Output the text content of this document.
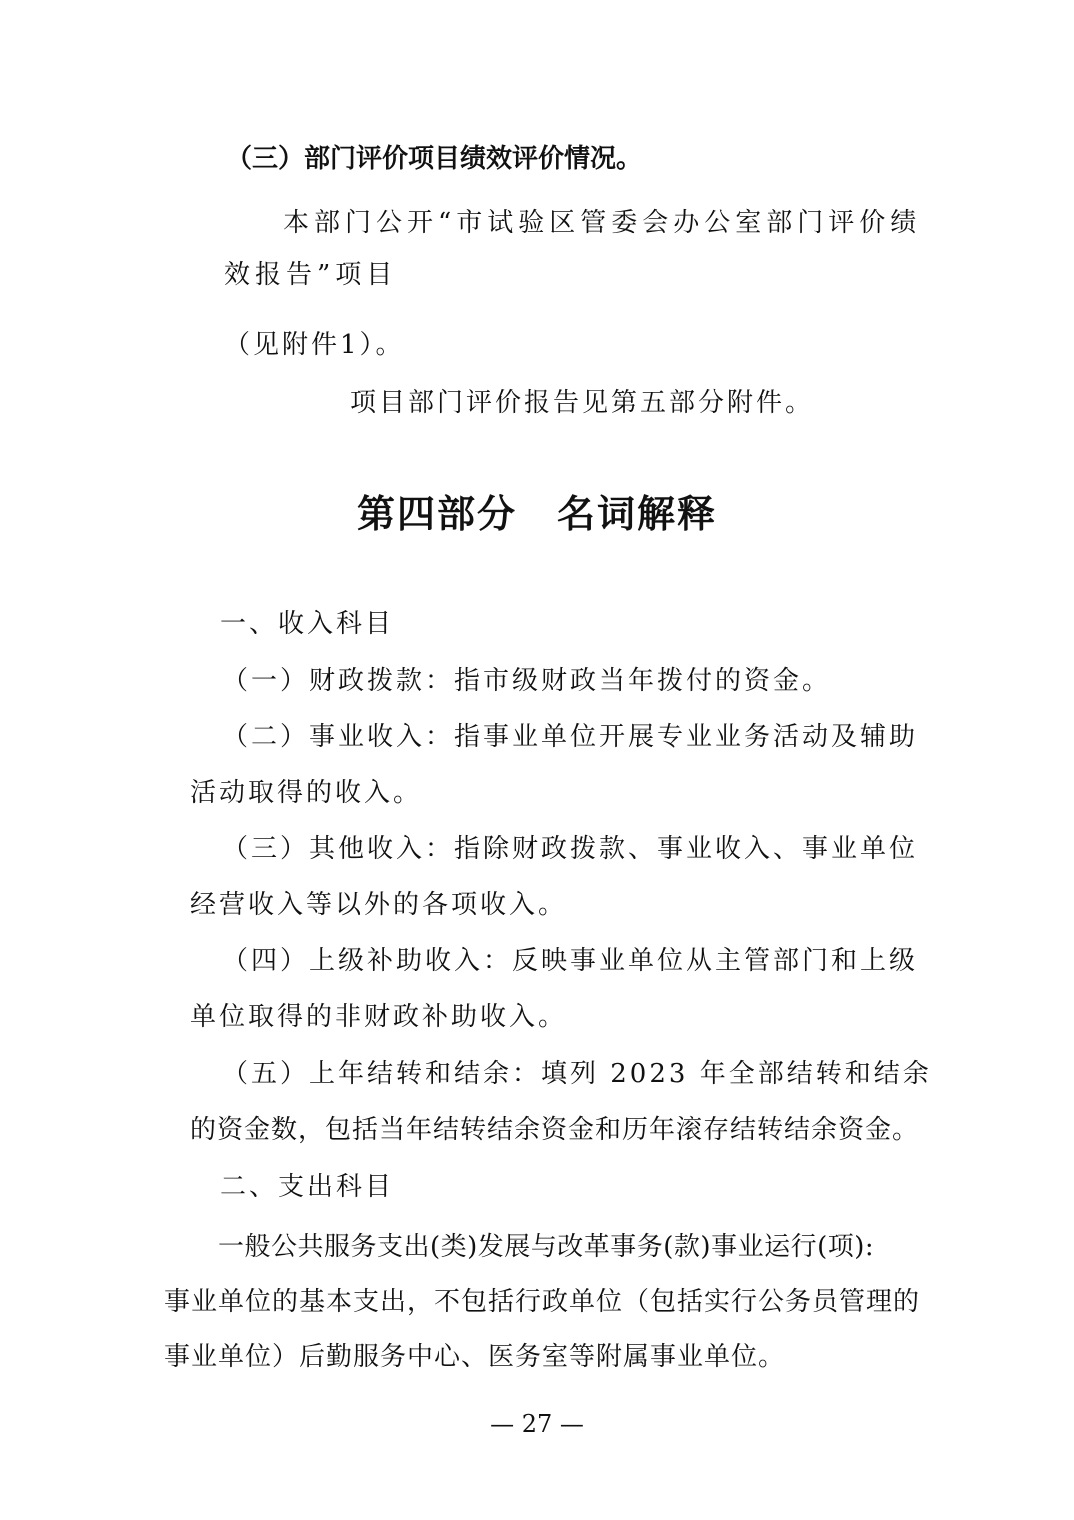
（三）部门评价项目绩效评价情况。

本部门公开“市试验区管委会办公室部门评价绩

效报告”项目

（见附件1）。

项目部门评价报告见第五部分附件。

第四部分 名词解释

一、收入科目

（一）财政拨款：指市级财政当年拨付的资金。

（二）事业收入：指事业单位开展专业业务活动及辅助

活动取得的收入。

（三）其他收入：指除财政拨款、事业收入、事业单位

经营收入等以外的各项收入。

（四）上级补助收入：反映事业单位从主管部门和上级

单位取得的非财政补助收入。

（五）上年结转和结余：填列 2023 年全部结转和结余

的资金数，包括当年结转结余资金和历年滚存结转结余资金。

二、支出科目

一般公共服务支出(类)发展与改革事务(款)事业运行(项):

事业单位的基本支出，不包括行政单位（包括实行公务员管理的

事业单位）后勤服务中心、医务室等附属事业单位。

— 27 —
